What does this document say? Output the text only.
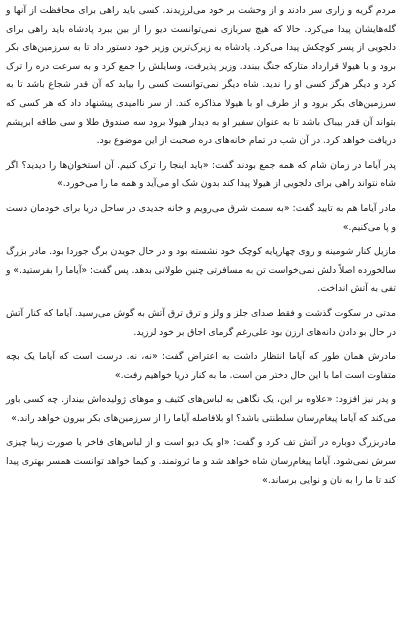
مردم گریه و زاری سر دادند و از وحشت بر خود می‌لرزیدند. کسی باید راهی برای محافظت از آنها و گله‌هایشان پیدا می‌کرد. حالا که هیچ سربازی نمی‌توانست دیو را از بین ببرد پادشاه باید راهی برای دلجویی از پسر کوچکش پیدا می‌کرد. پادشاه به زیرک‌ترین وزیر خود دستور داد تا به سرزمین‌های بکر برود و با هیولا قرارداد متارکه جنگ ببندد. وزیر پذیرفت، وسایلش را جمع کرد و به سرعت دره را ترک کرد و دیگر هرگز کسی او را ندید. شاه دیگر نمی‌توانست کسی را بیابد که آن قدر شجاع باشد تا به سرزمین‌های بکر برود و از طرف او با هیولا مذاکره کند. از سر ناامیدی پیشنهاد داد که هر کسی که بتواند آن قدر بیباک باشد تا به عنوان سفیر او به دیدار هیولا برود سه صندوق طلا و سی طاقه ابریشم دریافت خواهد کرد. در آن شب در تمام خانه‌های دره صحبت از این موضوع بود.

پدر آیاما در زمان شام که همه جمع بودند گفت: «باید اینجا را ترک کنیم. آن استخوان‌ها را دیدید؟ اگر شاه نتواند راهی برای دلجویی از هیولا پیدا کند بدون شک او می‌آید و همه ما را می‌خورد.»

مادر آیاما هم به تایید گفت: «به سمت شرق می‌رویم و خانه جدیدی در ساحل دریا برای خودمان دست و پا می‌کنیم.»

ما‌زیل کنار شومینه و روی چهارپایه کوچک خود نشسته بود و در حال جویدن برگ جوردا بود. مادر بزرگ سالخورده اصلاً دلش نمی‌خواست تن به مسافرتی چنین طولانی بدهد. پس گفت: «آیاما را بفرستید.» و تفی به آتش انداخت.

مدتی در سکوت گذشت و فقط صدای جلز و ولز و ترق ترق آتش به گوش می‌رسید. آیاما که کنار آتش در حال بو دادن دانه‌های ارزن بود علی‌رغم گرمای اجاق بر خود لرزید.

مادرش همان طور که آیاما انتظار داشت به اعتراض گفت: «نه، نه. درست است که آیاما یک بچه متفاوت است اما با این حال دختر من است. ما به کنار دریا خواهیم رفت.»

و پدر نیز افزود: «علاوه بر این، یک نگاهی به لباس‌های کثیف و موهای ژولیده‌اش بینداز. چه کسی باور می‌کند که آیاما پیغام‌رسان سلطنتی باشد؟ او بلافاصله آیاما را از سرزمین‌های بکر بیرون خواهد راند.»

مادربزرگ دوباره در آتش تف کرد و گفت: «او یک دیو است و از لباس‌های فاخر یا صورت زیبا چیزی سرش نمی‌شود. آیاما پیغام‌رسان شاه خواهد شد و ما ثروتمند. و کیما خواهد توانست همسر بهتری پیدا کند تا ما را به نان و نوایی برساند.»
